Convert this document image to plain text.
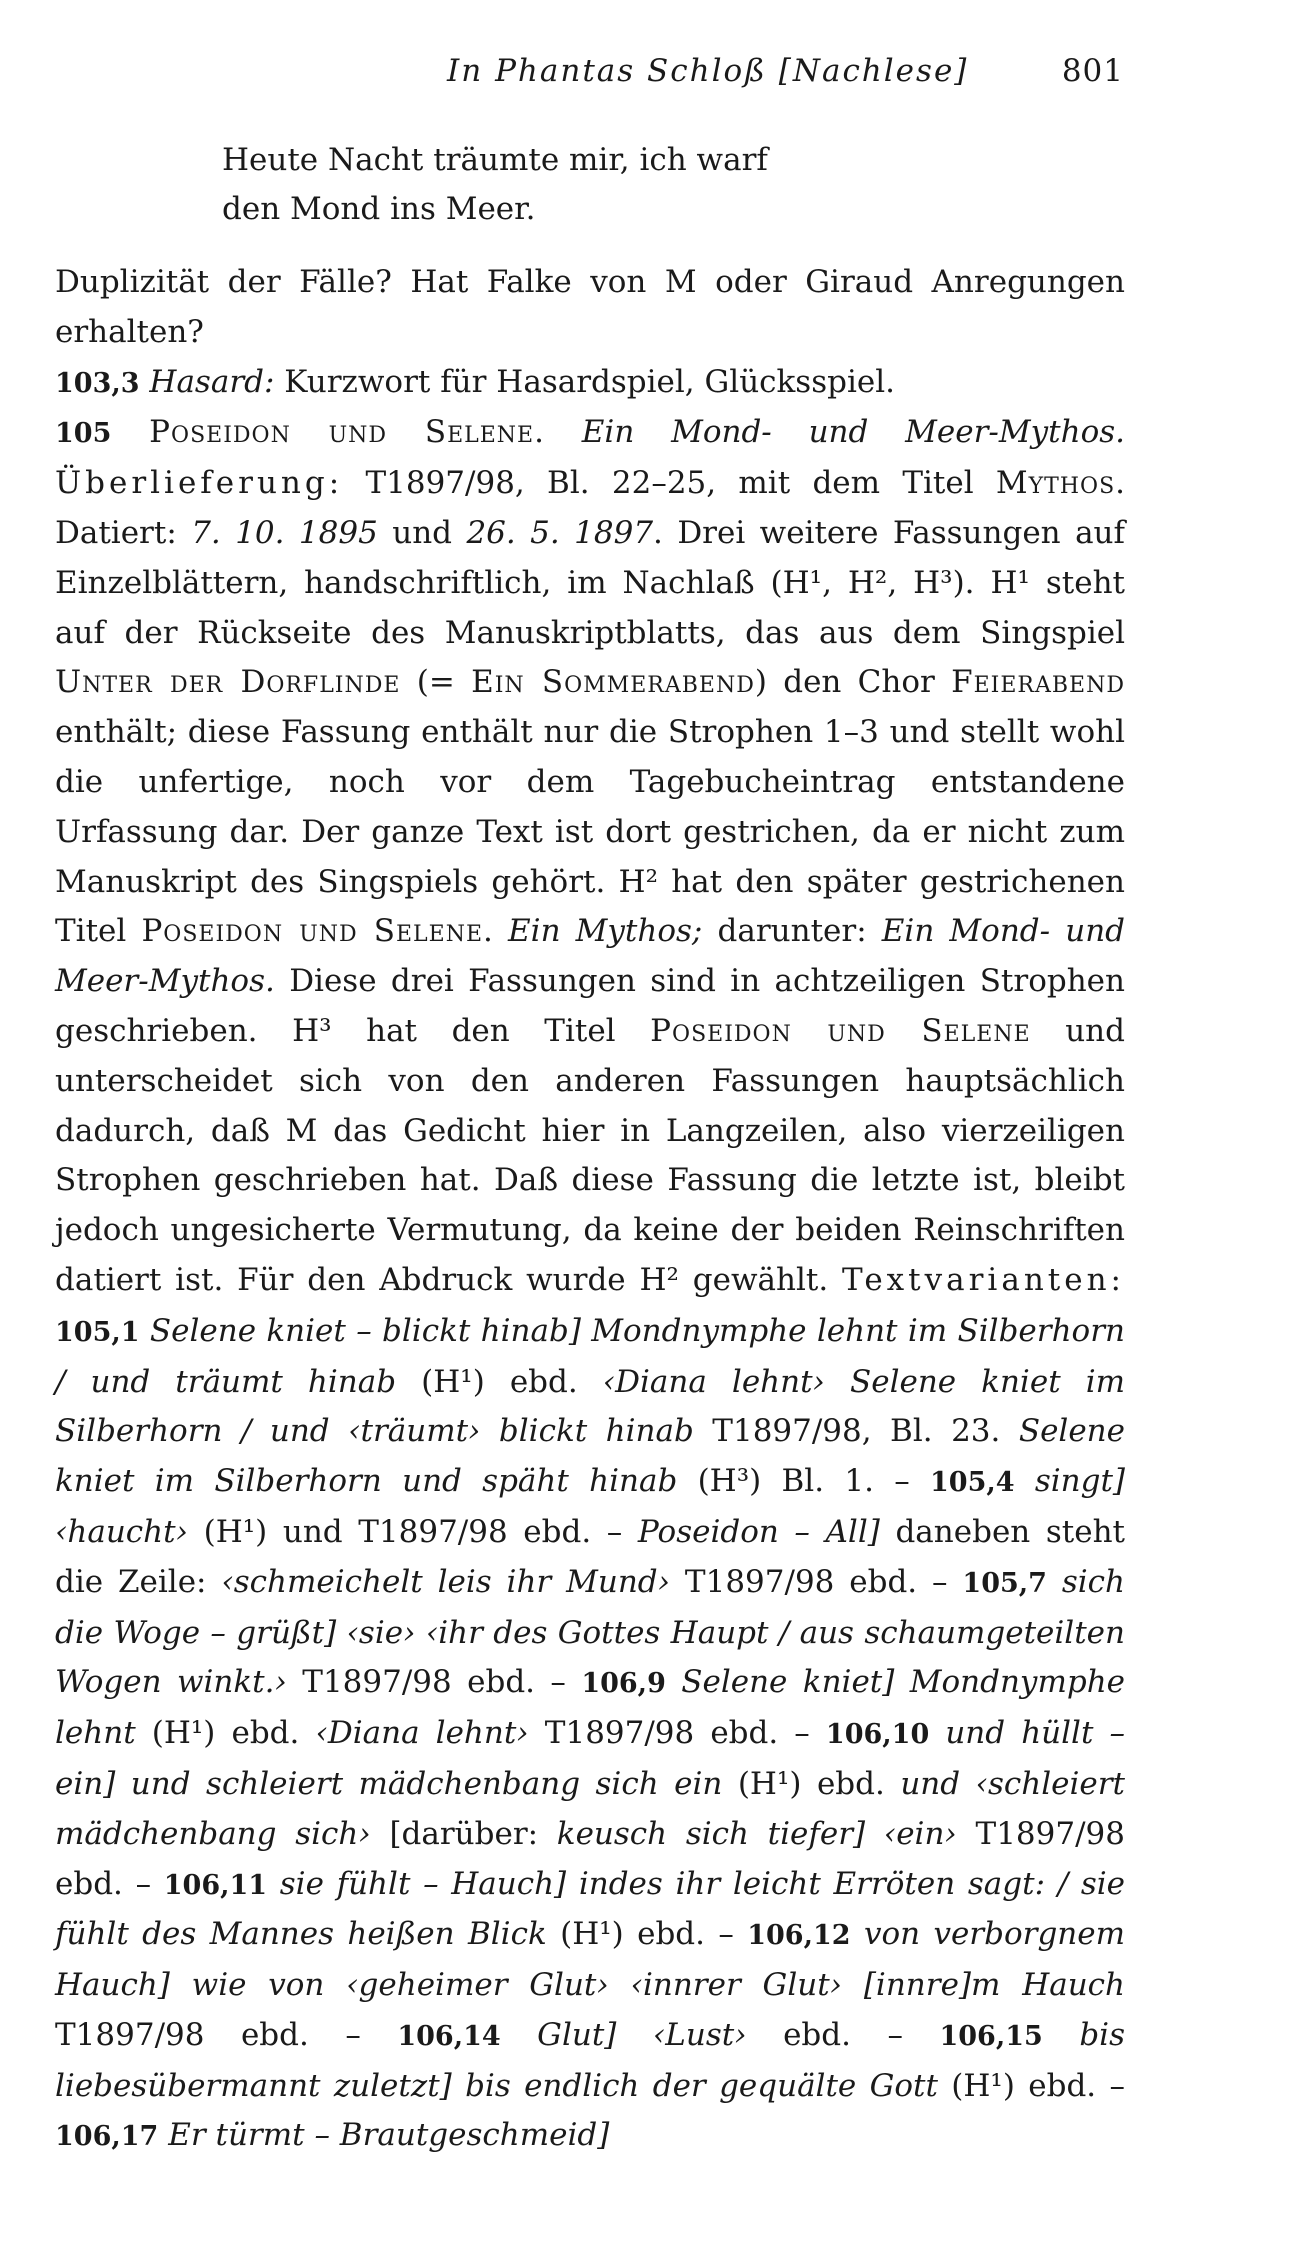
In Phantas Schloß [Nachlese]	801
Heute Nacht träumte mir, ich warf
den Mond ins Meer.

Duplizität der Fälle? Hat Falke von M oder Giraud Anregungen erhalten?

103,3 Hasard: Kurzwort für Hasardspiel, Glücksspiel.

105 Poseidon und Selene. Ein Mond- und Meer-Mythos. Überlieferung: T1897/98, Bl. 22–25, mit dem Titel Mythos. Datiert: 7. 10. 1895 und 26. 5. 1897. Drei weitere Fassungen auf Einzelblättern, handschriftlich, im Nachlaß (H¹, H², H³). H¹ steht auf der Rückseite des Manuskriptblatts, das aus dem Singspiel Unter der Dorflinde (= Ein Sommerabend) den Chor Feierabend enthält; diese Fassung enthält nur die Strophen 1–3 und stellt wohl die unfertige, noch vor dem Tagebucheintrag entstandene Urfassung dar. Der ganze Text ist dort gestrichen, da er nicht zum Manuskript des Singspiels gehört. H² hat den später gestrichenen Titel Poseidon und Selene. Ein Mythos; darunter: Ein Mond- und Meer-Mythos. Diese drei Fassungen sind in achtzeiligen Strophen geschrieben. H³ hat den Titel Poseidon und Selene und unterscheidet sich von den anderen Fassungen hauptsächlich dadurch, daß M das Gedicht hier in Langzeilen, also vierzeiligen Strophen geschrieben hat. Daß diese Fassung die letzte ist, bleibt jedoch ungesicherte Vermutung, da keine der beiden Reinschriften datiert ist. Für den Abdruck wurde H² gewählt. Textvarianten: 105,1 Selene kniet – blickt hinab] Mondnymphe lehnt im Silberhorn / und träumt hinab (H¹) ebd. ‹Diana lehnt› Selene kniet im Silberhorn / und ‹träumt› blickt hinab T1897/98, Bl. 23. Selene kniet im Silberhorn und späht hinab (H³) Bl. 1. – 105,4 singt] ‹haucht› (H¹) und T1897/98 ebd. – Poseidon – All] daneben steht die Zeile: ‹schmeichelt leis ihr Mund› T1897/98 ebd. – 105,7 sich die Woge – grüßt] ‹sie› ‹ihr des Gottes Haupt / aus schaumgeteilten Wogen winkt.› T1897/98 ebd. – 106,9 Selene kniet] Mondnymphe lehnt (H¹) ebd. ‹Diana lehnt› T1897/98 ebd. – 106,10 und hüllt – ein] und schleiert mädchenbang sich ein (H¹) ebd. und ‹schleiert mädchenbang sich› [darüber: keusch sich tiefer] ‹ein› T1897/98 ebd. – 106,11 sie fühlt – Hauch] indes ihr leicht Erröten sagt: / sie fühlt des Mannes heißen Blick (H¹) ebd. – 106,12 von verborgnem Hauch] wie von ‹geheimer Glut› ‹innrer Glut› [innre]m Hauch T1897/98 ebd. – 106,14 Glut] ‹Lust› ebd. – 106,15 bis liebesübermannt zuletzt] bis endlich der gequälte Gott (H¹) ebd. – 106,17 Er türmt – Brautgeschmeid]
